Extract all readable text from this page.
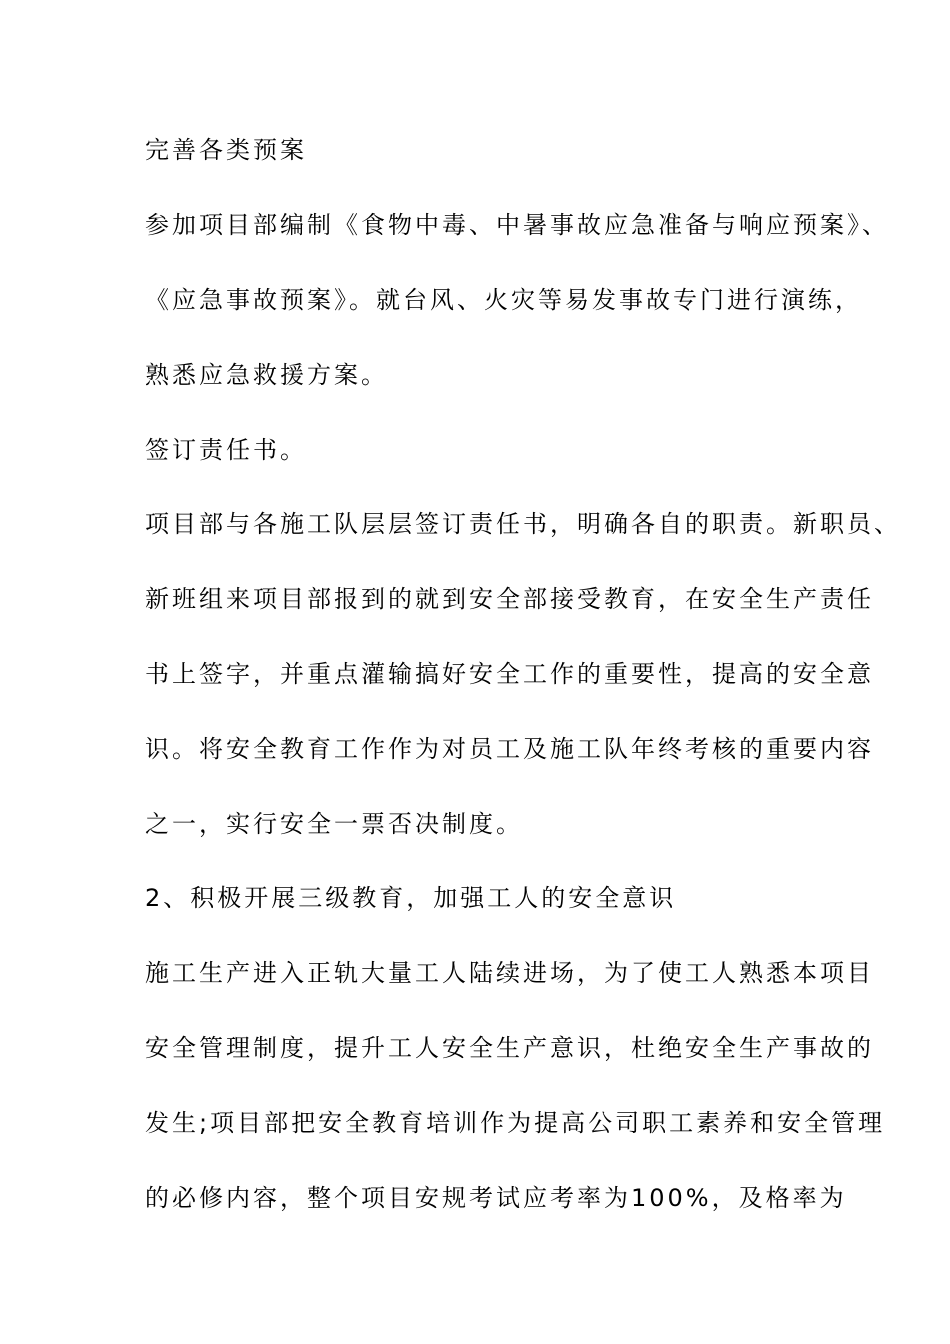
完善各类预案
参加项目部编制《食物中毒、中暑事故应急准备与响应预案》、
《应急事故预案》。就台风、火灾等易发事故专门进行演练，
熟悉应急救援方案。
签订责任书。
项目部与各施工队层层签订责任书，明确各自的职责。新职员、
新班组来项目部报到的就到安全部接受教育，在安全生产责任
书上签字，并重点灌输搞好安全工作的重要性，提高的安全意
识。将安全教育工作作为对员工及施工队年终考核的重要内容
之一，实行安全一票否决制度。
2、积极开展三级教育，加强工人的安全意识
施工生产进入正轨大量工人陆续进场，为了使工人熟悉本项目
安全管理制度，提升工人安全生产意识，杜绝安全生产事故的
发生;项目部把安全教育培训作为提高公司职工素养和安全管理
的必修内容，整个项目安规考试应考率为100%，及格率为
